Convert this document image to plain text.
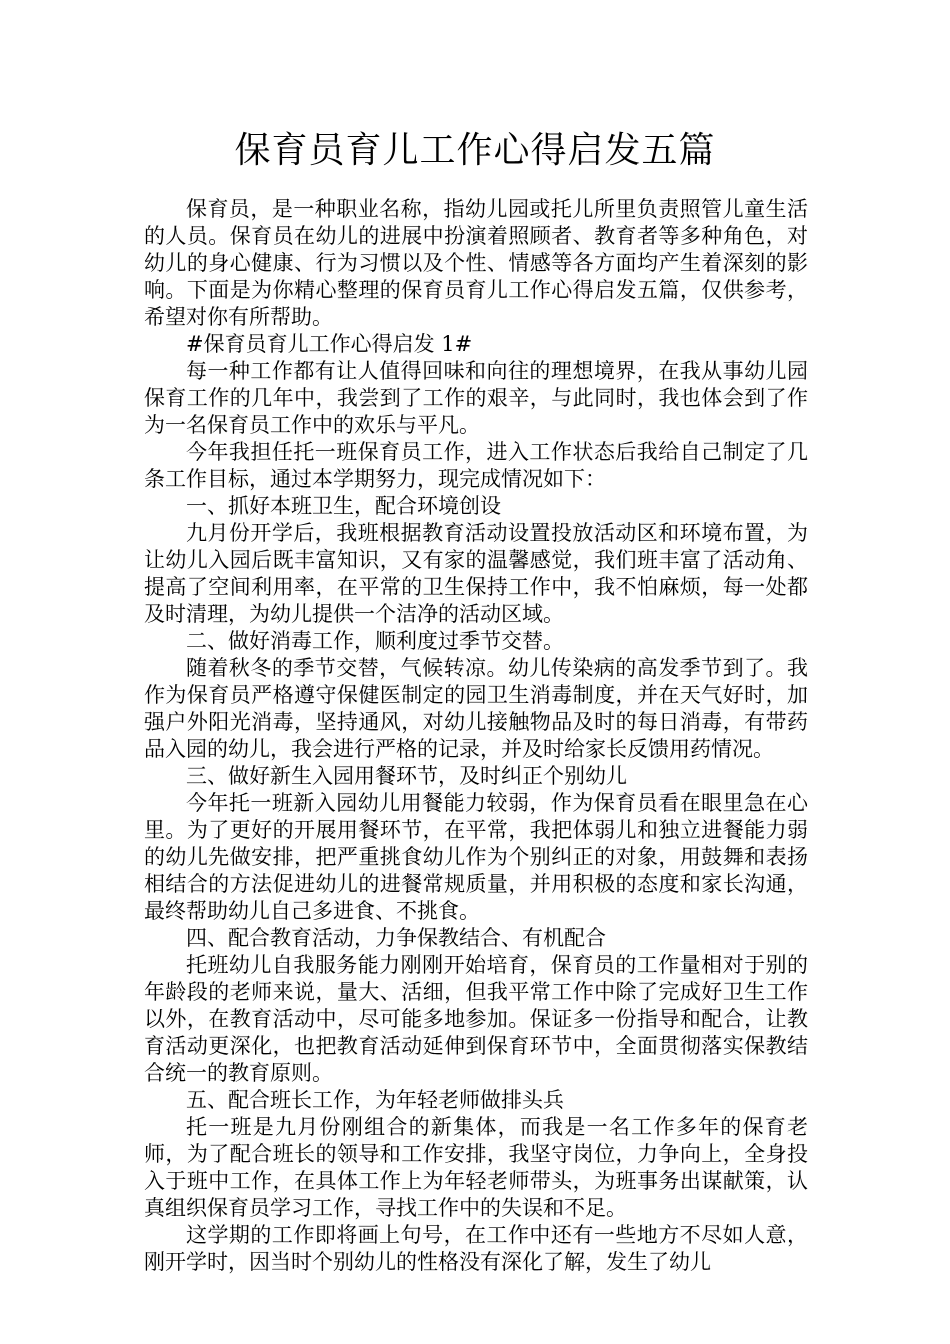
保育员育儿工作心得启发五篇

保育员，是一种职业名称，指幼儿园或托儿所里负责照管儿童生活的人员。保育员在幼儿的进展中扮演着照顾者、教育者等多种角色，对幼儿的身心健康、行为习惯以及个性、情感等各方面均产生着深刻的影响。下面是为你精心整理的保育员育儿工作心得启发五篇，仅供参考，希望对你有所帮助。

#保育员育儿工作心得启发 1#

每一种工作都有让人值得回味和向往的理想境界，在我从事幼儿园保育工作的几年中，我尝到了工作的艰辛，与此同时，我也体会到了作为一名保育员工作中的欢乐与平凡。

今年我担任托一班保育员工作，进入工作状态后我给自己制定了几条工作目标，通过本学期努力，现完成情况如下：

一、抓好本班卫生，配合环境创设

九月份开学后，我班根据教育活动设置投放活动区和环境布置，为让幼儿入园后既丰富知识，又有家的温馨感觉，我们班丰富了活动角、提高了空间利用率，在平常的卫生保持工作中，我不怕麻烦，每一处都及时清理，为幼儿提供一个洁净的活动区域。

二、做好消毒工作，顺利度过季节交替。

随着秋冬的季节交替，气候转凉。幼儿传染病的高发季节到了。我作为保育员严格遵守保健医制定的园卫生消毒制度，并在天气好时，加强户外阳光消毒，坚持通风，对幼儿接触物品及时的每日消毒，有带药品入园的幼儿，我会进行严格的记录，并及时给家长反馈用药情况。

三、做好新生入园用餐环节，及时纠正个别幼儿

今年托一班新入园幼儿用餐能力较弱，作为保育员看在眼里急在心里。为了更好的开展用餐环节，在平常，我把体弱儿和独立进餐能力弱的幼儿先做安排，把严重挑食幼儿作为个别纠正的对象，用鼓舞和表扬相结合的方法促进幼儿的进餐常规质量，并用积极的态度和家长沟通，最终帮助幼儿自己多进食、不挑食。

四、配合教育活动，力争保教结合、有机配合

托班幼儿自我服务能力刚刚开始培育，保育员的工作量相对于别的年龄段的老师来说，量大、活细，但我平常工作中除了完成好卫生工作以外，在教育活动中，尽可能多地参加。保证多一份指导和配合，让教育活动更深化，也把教育活动延伸到保育环节中，全面贯彻落实保教结合统一的教育原则。

五、配合班长工作，为年轻老师做排头兵

托一班是九月份刚组合的新集体，而我是一名工作多年的保育老师，为了配合班长的领导和工作安排，我坚守岗位，力争向上，全身投入于班中工作，在具体工作上为年轻老师带头，为班事务出谋献策，认真组织保育员学习工作，寻找工作中的失误和不足。

这学期的工作即将画上句号，在工作中还有一些地方不尽如人意，刚开学时，因当时个别幼儿的性格没有深化了解，发生了幼儿
